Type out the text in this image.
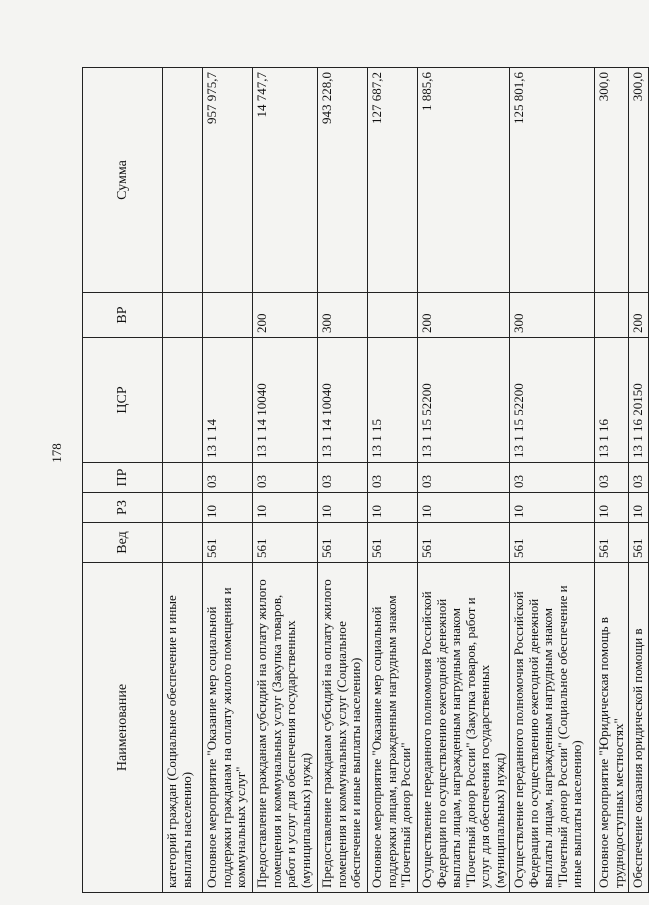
178
Наименование	Вед	РЗ	ПР	ЦСР	ВР	Сумма
категорий граждан (Социальное обеспечение и иные выплаты населению)						
Основное мероприятие "Оказание мер социальной поддержки гражданам на оплату жилого помещения и коммунальных услуг"	561	10	03	13 1 14		957 975,7
Предоставление гражданам субсидий на оплату жилого помещения и коммунальных услуг (Закупка товаров, работ и услуг для обеспечения государственных (муниципальных) нужд)	561	10	03	13 1 14 10040	200	14 747,7
Предоставление гражданам субсидий на оплату жилого помещения и коммунальных услуг (Социальное обеспечение и иные выплаты населению)	561	10	03	13 1 14 10040	300	943 228,0
Основное мероприятие "Оказание мер социальной поддержки лицам, награжденным нагрудным знаком "Почетный донор России"	561	10	03	13 1 15		127 687,2
Осуществление переданного полномочия Российской Федерации по осуществлению ежегодной денежной выплаты лицам, награжденным нагрудным знаком "Почетный донор России" (Закупка товаров, работ и услуг для обеспечения государственных (муниципальных) нужд)	561	10	03	13 1 15 52200	200	1 885,6
Осуществление переданного полномочия Российской Федерации по осуществлению ежегодной денежной выплаты лицам, награжденным нагрудным знаком "Почетный донор России" (Социальное обеспечение и иные выплаты населению)	561	10	03	13 1 15 52200	300	125 801,6
Основное мероприятие "Юридическая помощь в труднодоступных местностях"	561	10	03	13 1 16		300,0
Обеспечение оказания юридической помощи в	561	10	03	13 1 16 20150	200	300,0
